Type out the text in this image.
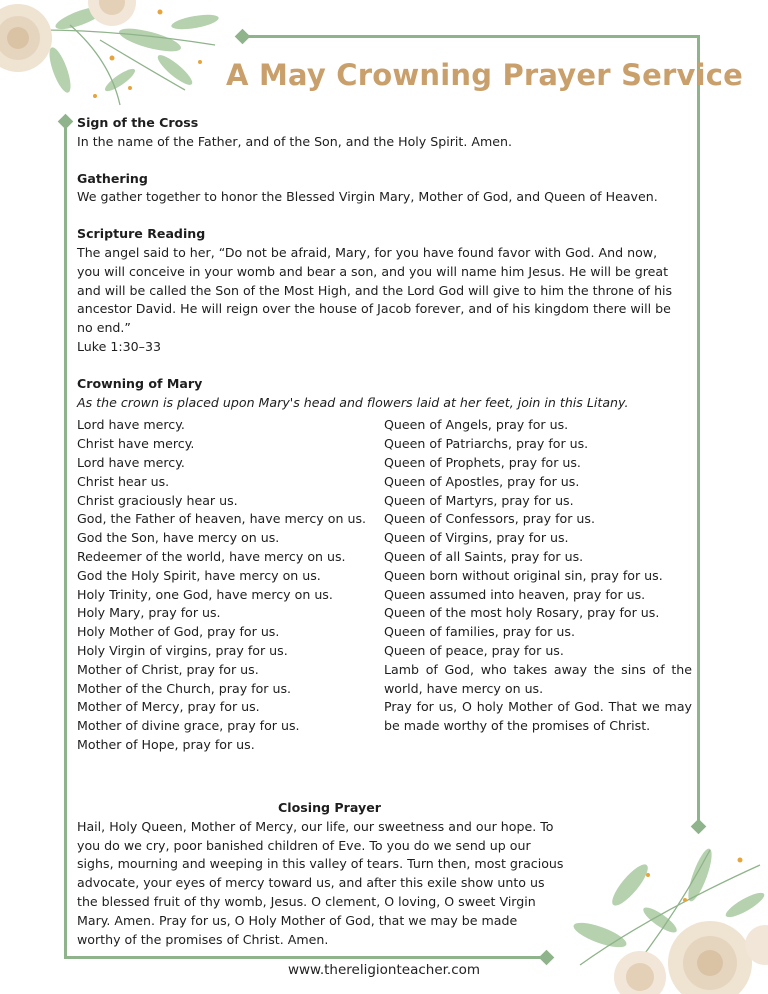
A May Crowning Prayer Service
Sign of the Cross
In the name of the Father, and of the Son, and the Holy Spirit. Amen.
Gathering
We gather together to honor the Blessed Virgin Mary, Mother of God, and Queen of Heaven.
Scripture Reading
The angel said to her, “Do not be afraid, Mary, for you have found favor with God. And now,
you will conceive in your womb and bear a son, and you will name him Jesus. He will be great
and will be called the Son of the Most High, and the Lord God will give to him the throne of his
ancestor David. He will reign over the house of Jacob forever, and of his kingdom there will be
no end.”
Luke 1:30–33
Crowning of Mary
As the crown is placed upon Mary's head and flowers laid at her feet, join in this Litany.
Lord have mercy.
Christ have mercy.
Lord have mercy.
Christ hear us.
Christ graciously hear us.
God, the Father of heaven, have mercy on us.
God the Son, have mercy on us.
Redeemer of the world, have mercy on us.
God the Holy Spirit, have mercy on us.
Holy Trinity, one God, have mercy on us.
Holy Mary, pray for us.
Holy Mother of God, pray for us.
Holy Virgin of virgins, pray for us.
Mother of Christ, pray for us.
Mother of the Church, pray for us.
Mother of Mercy, pray for us.
Mother of divine grace, pray for us.
Mother of Hope, pray for us.
Queen of Angels, pray for us.
Queen of Patriarchs, pray for us.
Queen of Prophets, pray for us.
Queen of Apostles, pray for us.
Queen of Martyrs, pray for us.
Queen of Confessors, pray for us.
Queen of Virgins, pray for us.
Queen of all Saints, pray for us.
Queen born without original sin, pray for us.
Queen assumed into heaven, pray for us.
Queen of the most holy Rosary, pray for us.
Queen of families, pray for us.
Queen of peace, pray for us.
Lamb of God, who takes away the sins of the world, have mercy on us.
Pray for us, O holy Mother of God. That we may be made worthy of the promises of Christ.
Closing Prayer
Hail, Holy Queen, Mother of Mercy, our life, our sweetness and our hope. To
you do we cry, poor banished children of Eve. To you do we send up our
sighs, mourning and weeping in this valley of tears. Turn then, most gracious
advocate, your eyes of mercy toward us, and after this exile show unto us
the blessed fruit of thy womb, Jesus. O clement, O loving, O sweet Virgin
Mary. Amen. Pray for us, O Holy Mother of God, that we may be made
worthy of the promises of Christ. Amen.
www.thereligionteacher.com
